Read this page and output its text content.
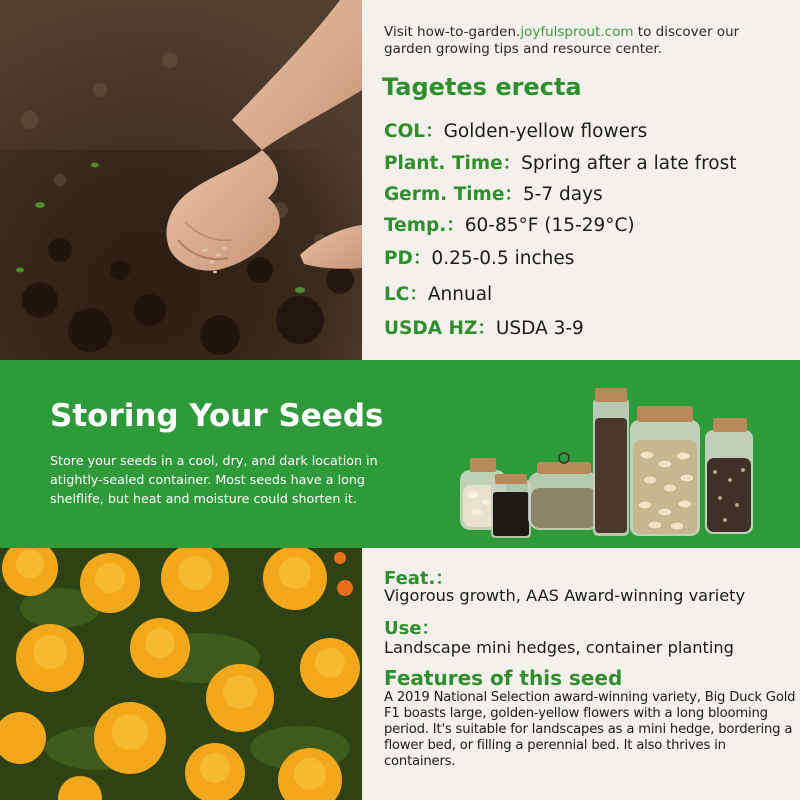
Visit how-to-garden.joyfulsprout.com to discover our garden growing tips and resource center.
Tagetes erecta
COL：Golden-yellow flowers
Plant. Time：Spring after a late frost
Germ. Time：5-7 days
Temp.：60-85°F (15-29°C)
PD：0.25-0.5 inches
LC：Annual
USDA HZ：USDA 3-9
Storing Your Seeds
Store your seeds in a cool, dry, and dark location in atightly-sealed container. Most seeds have a long shelflife, but heat and moisture could shorten it.
Feat.：
Vigorous growth, AAS Award-winning variety
Use：
Landscape mini hedges, container planting
Features of this seed
A 2019 National Selection award-winning variety, Big Duck Gold F1 boasts large, golden-yellow flowers with a long blooming period. It's suitable for landscapes as a mini hedge, bordering a flower bed, or filling a perennial bed. It also thrives in containers.
